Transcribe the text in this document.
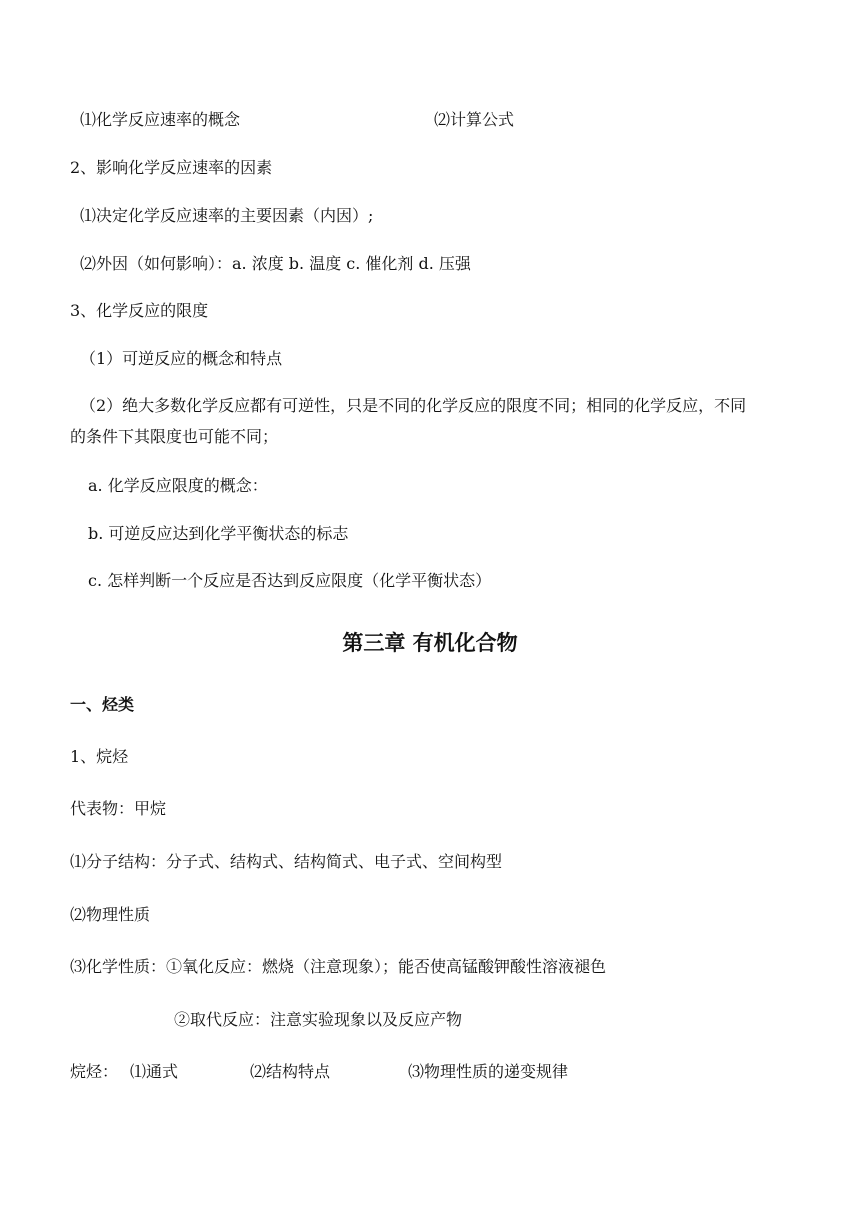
⑴化学反应速率的概念	⑵计算公式
2、影响化学反应速率的因素
⑴决定化学反应速率的主要因素（内因）;
⑵外因（如何影响）：a. 浓度 b. 温度 c. 催化剂 d. 压强
3、化学反应的限度
（1）可逆反应的概念和特点
（2）绝大多数化学反应都有可逆性，只是不同的化学反应的限度不同；相同的化学反应，不同
的条件下其限度也可能不同；
a. 化学反应限度的概念：
b. 可逆反应达到化学平衡状态的标志
c. 怎样判断一个反应是否达到反应限度（化学平衡状态）
第三章 有机化合物
一、烃类
1、烷烃
代表物：甲烷
⑴分子结构：分子式、结构式、结构简式、电子式、空间构型
⑵物理性质
⑶化学性质：①氧化反应：燃烧（注意现象）；能否使高锰酸钾酸性溶液褪色
②取代反应：注意实验现象以及反应产物
烷烃： ⑴通式	⑵结构特点	⑶物理性质的递变规律
